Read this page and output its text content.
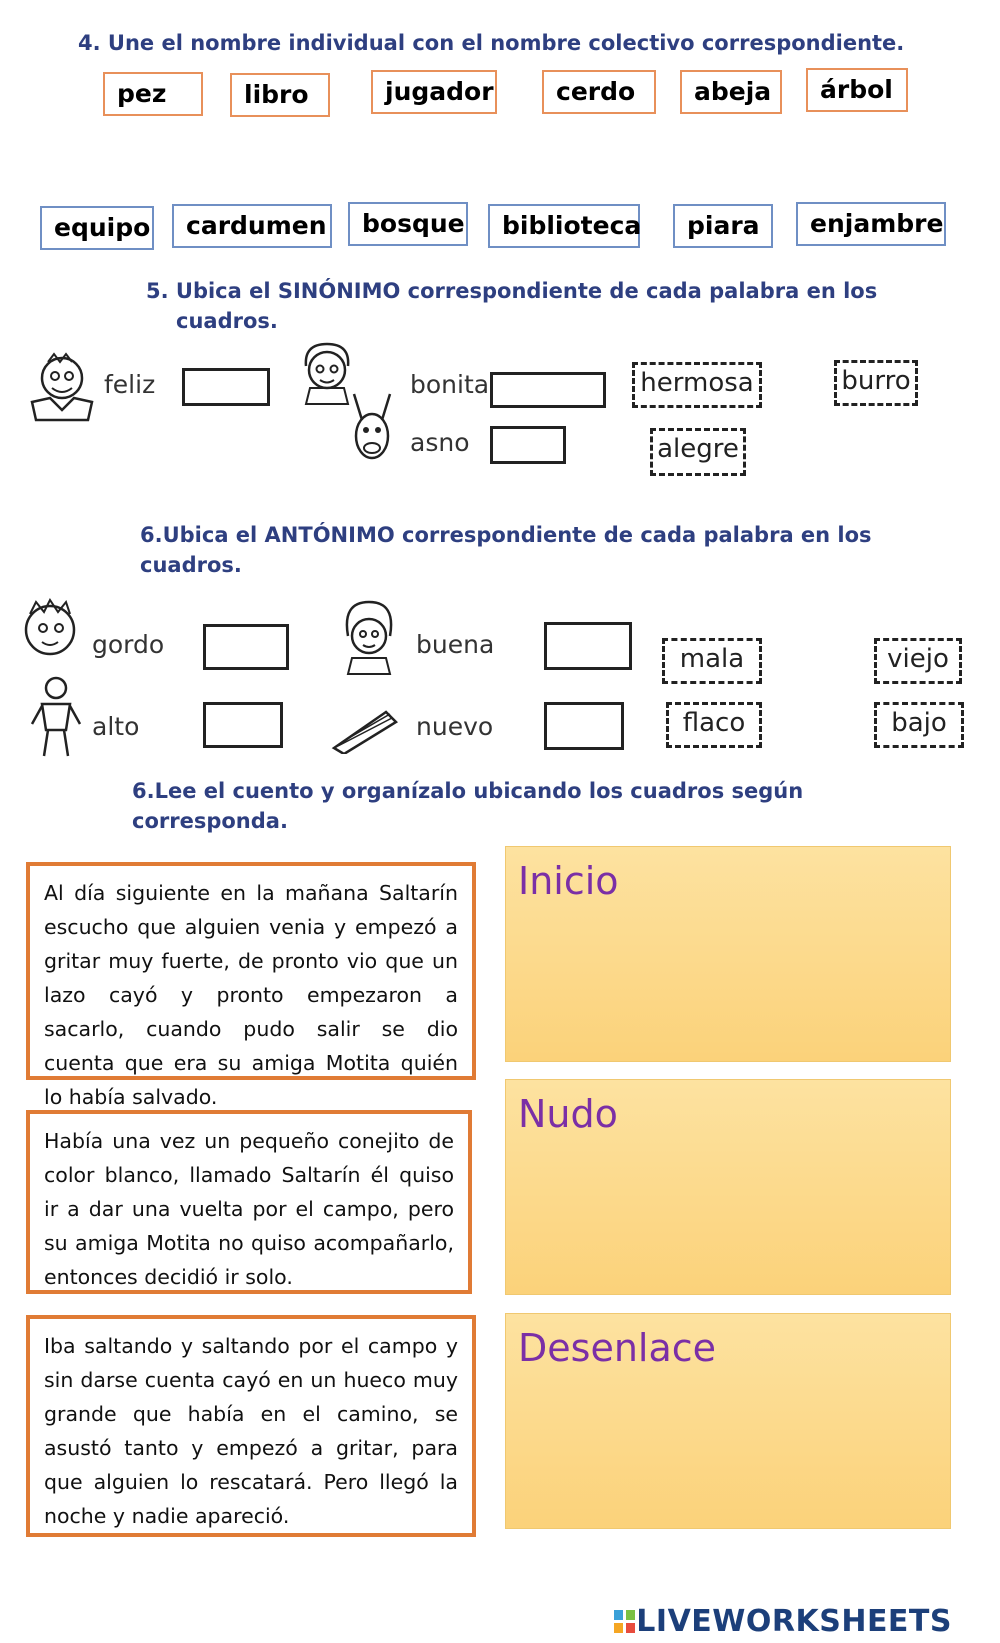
4. Une el nombre individual con el nombre colectivo correspondiente.
pez	libro	jugador	cerdo	abeja	árbol
equipo	cardumen	bosque	biblioteca	piara	enjambre
5. Ubica el SINÓNIMO correspondiente de cada palabra en los
cuadros.
feliz	bonita
asno
hermosa	burro
alegre
6.Ubica el ANTÓNIMO correspondiente de cada palabra en los
cuadros.
gordo	buena
alto	nuevo
mala	viejo
flaco	bajo
6.Lee el cuento y organízalo ubicando los cuadros según
corresponda.
Al día siguiente en la mañana Saltarín escucho que alguien venia y empezó a gritar muy fuerte, de pronto vio que un lazo cayó y pronto empezaron a sacarlo, cuando pudo salir se dio cuenta que era su amiga Motita quién lo había salvado.
Había una vez un pequeño conejito de color blanco, llamado Saltarín él quiso ir a dar una vuelta por el campo, pero su amiga Motita no quiso acompañarlo, entonces decidió ir solo.
Iba saltando y saltando por el campo y sin darse cuenta cayó en un hueco muy grande que había en el camino, se asustó tanto y empezó a gritar, para que alguien lo rescatará. Pero llegó la noche y nadie apareció.
Inicio
Nudo
Desenlace
LIVEWORKSHEETS
